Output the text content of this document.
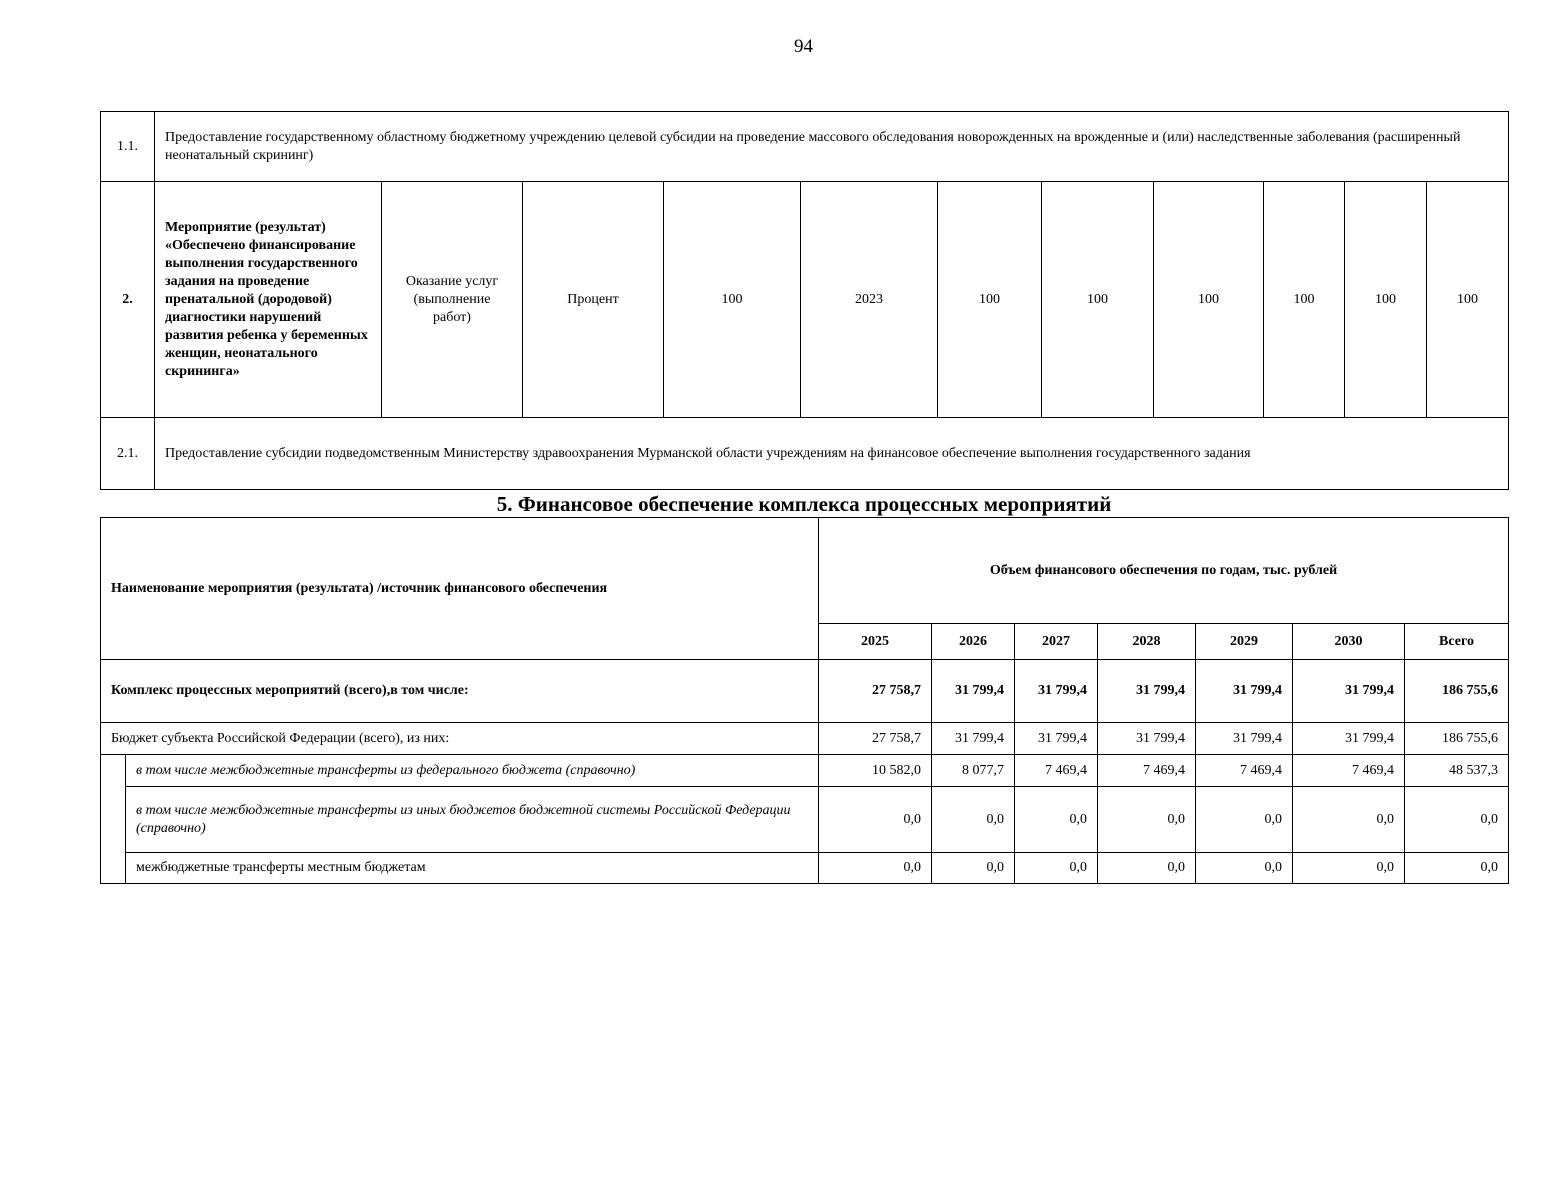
94
1.1.	Предоставление государственному областному бюджетному учреждению целевой субсидии на проведение массового обследования новорожденных на врожденные и (или) наследственные заболевания (расширенный неонатальный скрининг)										
2.	Мероприятие (результат) «Обеспечено финансирование выполнения государственного задания на проведение пренатальной (дородовой) диагностики нарушений развития ребенка у беременных женщин, неонатального скрининга»	Оказание услуг (выполнение работ)	Процент	100	2023	100	100	100	100	100	100
2.1.	Предоставление субсидии подведомственным Министерству здравоохранения Мурманской области учреждениям на финансовое обеспечение выполнения государственного задания										
5. Финансовое обеспечение комплекса процессных мероприятий
Наименование мероприятия (результата) /источник финансового обеспечения		Объем финансового обеспечения по годам, тыс. рублей						
		2025	2026	2027	2028	2029	2030	Всего
Комплекс процессных мероприятий (всего),в том числе:		27 758,7	31 799,4	31 799,4	31 799,4	31 799,4	31 799,4	186 755,6
Бюджет субъекта Российской Федерации (всего), из них:		27 758,7	31 799,4	31 799,4	31 799,4	31 799,4	31 799,4	186 755,6
	в том числе межбюджетные трансферты из федерального бюджета (справочно)	10 582,0	8 077,7	7 469,4	7 469,4	7 469,4	7 469,4	48 537,3
	в том числе межбюджетные трансферты из иных бюджетов бюджетной системы Российской Федерации (справочно)	0,0	0,0	0,0	0,0	0,0	0,0	0,0
	межбюджетные трансферты местным бюджетам	0,0	0,0	0,0	0,0	0,0	0,0	0,0
